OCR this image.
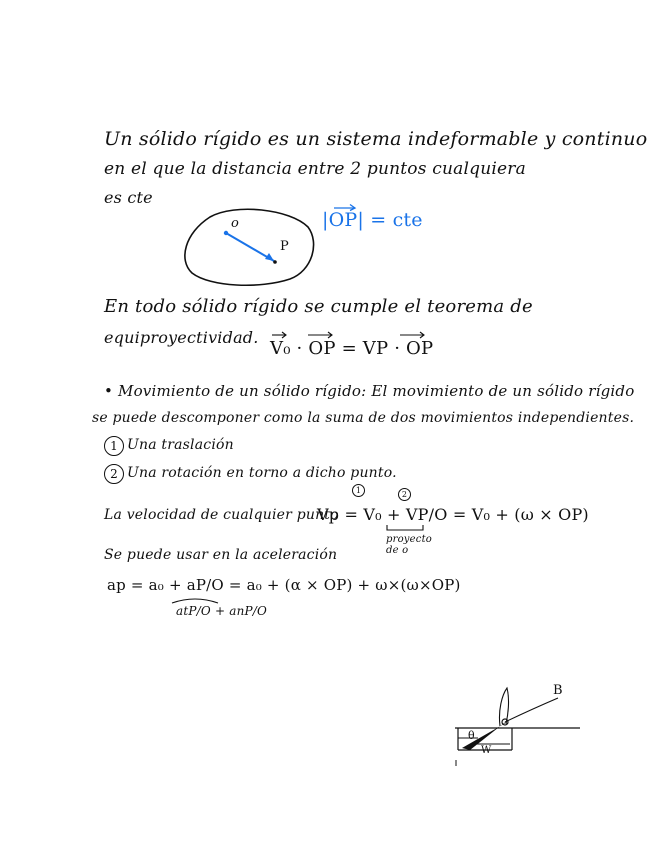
Un sólido rígido es un sistema indeformable y continuo
en el que la distancia entre 2 puntos cualquiera
es cte
o
P
|OP| = cte
En todo sólido rígido se cumple el teorema de
equiproyectividad.
V₀ · OP = VP · OP
• Movimiento de un sólido rígido: El movimiento de un sólido rígido
se puede descomponer como la suma de dos movimientos independientes.
1 Una traslación
2 Una rotación en torno a dicho punto.
1	2
La velocidad de cualquier punto
Vp = V₀ + VP/O = V₀ + (ω × OP)
proyecto de o
Se puede usar en la aceleración
ap = a₀ + aP/O = a₀ + (α × OP) + ω×(ω×OP)
atP/O + anP/O
B
θ
W
